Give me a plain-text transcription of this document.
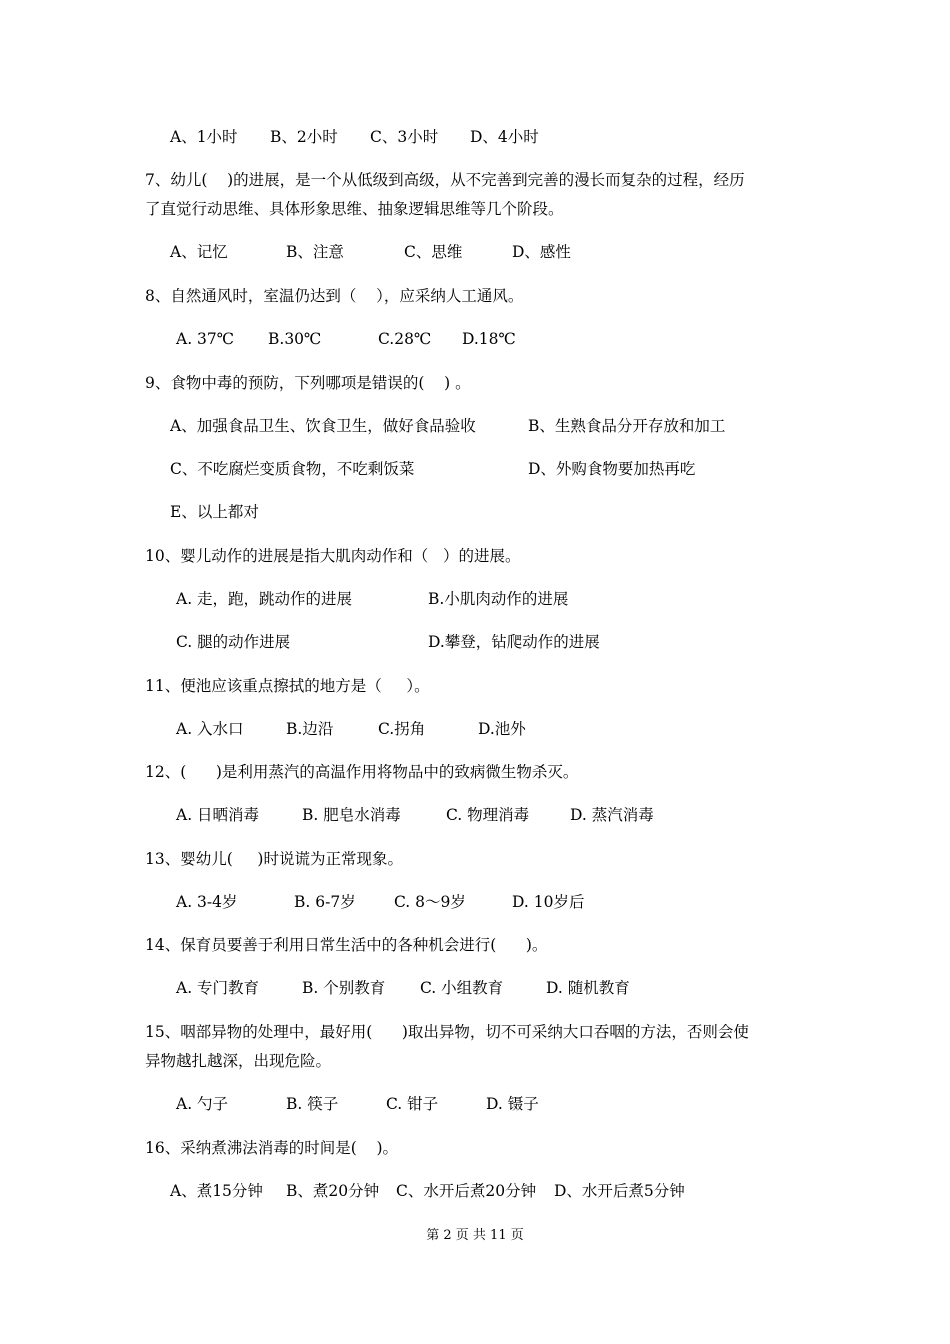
A、1小时 B、2小时 C、3小时 D、4小时
7、幼儿(    )的进展，是一个从低级到高级，从不完善到完善的漫长而复杂的过程，经历
了直觉行动思维、具体形象思维、抽象逻辑思维等几个阶段。
A、记忆	B、注意	C、思维	D、感性
8、自然通风时，室温仍达到（    ），应采纳人工通风。
A. 37℃ B.30℃	C.28℃ D.18℃
9、食物中毒的预防，下列哪项是错误的(    ) 。
A、加强食品卫生、饮食卫生，做好食品验收	B、生熟食品分开存放和加工
C、不吃腐烂变质食物，不吃剩饭菜	D、外购食物要加热再吃
E、以上都对
10、婴儿动作的进展是指大肌肉动作和（   ）的进展。
A. 走，跑，跳动作的进展	B.小肌肉动作的进展
C. 腿的动作进展	D.攀登，钻爬动作的进展
11、便池应该重点擦拭的地方是（     ）。
A. 入水口	B.边沿	C.拐角	D.池外
12、(      )是利用蒸汽的高温作用将物品中的致病微生物杀灭。
A. 日晒消毒	B. 肥皂水消毒	C. 物理消毒	D. 蒸汽消毒
13、婴幼儿(     )时说谎为正常现象。
A. 3-4岁	B. 6-7岁 C. 8～9岁	D. 10岁后
14、保育员要善于利用日常生活中的各种机会进行(      )。
A. 专门教育	B. 个别教育 C. 小组教育	D. 随机教育
15、咽部异物的处理中，最好用(      )取出异物，切不可采纳大口吞咽的方法，否则会使
异物越扎越深，出现危险。
A. 勺子	B. 筷子	C. 钳子	D. 镊子
16、采纳煮沸法消毒的时间是(    )。
A、煮15分钟 B、煮20分钟 C、水开后煮20分钟 D、水开后煮5分钟
第 2 页 共 11 页
